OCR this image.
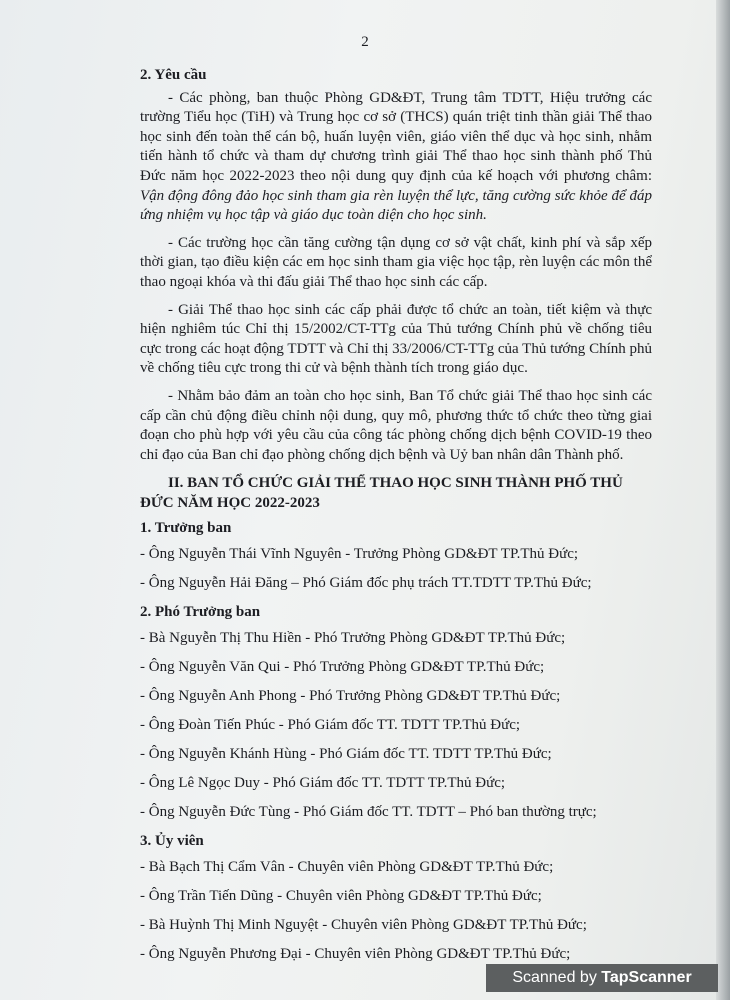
2
2. Yêu cầu

- Các phòng, ban thuộc Phòng GD&ĐT, Trung tâm TDTT, Hiệu trưởng các trường Tiểu học (TiH) và Trung học cơ sở (THCS) quán triệt tinh thần giải Thể thao học sinh đến toàn thể cán bộ, huấn luyện viên, giáo viên thể dục và học sinh, nhằm tiến hành tổ chức và tham dự chương trình giải Thể thao học sinh thành phố Thủ Đức năm học 2022-2023 theo nội dung quy định của kế hoạch với phương châm: Vận động đông đảo học sinh tham gia rèn luyện thể lực, tăng cường sức khỏe để đáp ứng nhiệm vụ học tập và giáo dục toàn diện cho học sinh.

- Các trường học cần tăng cường tận dụng cơ sở vật chất, kinh phí và sắp xếp thời gian, tạo điều kiện các em học sinh tham gia việc học tập, rèn luyện các môn thể thao ngoại khóa và thi đấu giải Thể thao học sinh các cấp.

- Giải Thể thao học sinh các cấp phải được tổ chức an toàn, tiết kiệm và thực hiện nghiêm túc Chỉ thị 15/2002/CT-TTg của Thủ tướng Chính phủ về chống tiêu cực trong các hoạt động TDTT và Chỉ thị 33/2006/CT-TTg của Thủ tướng Chính phủ về chống tiêu cực trong thi cử và bệnh thành tích trong giáo dục.

- Nhằm bảo đảm an toàn cho học sinh, Ban Tổ chức giải Thể thao học sinh các cấp cần chủ động điều chỉnh nội dung, quy mô, phương thức tổ chức theo từng giai đoạn cho phù hợp với yêu cầu của công tác phòng chống dịch bệnh COVID-19 theo chỉ đạo của Ban chỉ đạo phòng chống dịch bệnh và Uỷ ban nhân dân Thành phố.

II. BAN TỔ CHỨC GIẢI THỂ THAO HỌC SINH THÀNH PHỐ THỦ ĐỨC NĂM HỌC 2022-2023
1. Trưởng ban
- Ông Nguyễn Thái Vĩnh Nguyên - Trưởng Phòng GD&ĐT TP.Thủ Đức;
- Ông Nguyễn Hải Đăng – Phó Giám đốc phụ trách TT.TDTT TP.Thủ Đức;
2. Phó Trưởng ban
- Bà Nguyễn Thị Thu Hiền - Phó Trưởng Phòng GD&ĐT TP.Thủ Đức;
- Ông Nguyễn Văn Qui - Phó Trưởng Phòng GD&ĐT TP.Thủ Đức;
- Ông Nguyễn Anh Phong - Phó Trưởng Phòng GD&ĐT TP.Thủ Đức;
- Ông Đoàn Tiến Phúc - Phó Giám đốc TT. TDTT TP.Thủ Đức;
- Ông Nguyễn Khánh Hùng - Phó Giám đốc TT. TDTT TP.Thủ Đức;
- Ông Lê Ngọc Duy - Phó Giám đốc TT. TDTT TP.Thủ Đức;
- Ông Nguyễn Đức Tùng - Phó Giám đốc TT. TDTT – Phó ban thường trực;
3. Ủy viên
- Bà Bạch Thị Cẩm Vân - Chuyên viên Phòng GD&ĐT TP.Thủ Đức;
- Ông Trần Tiến Dũng - Chuyên viên Phòng GD&ĐT TP.Thủ Đức;
- Bà Huỳnh Thị Minh Nguyệt - Chuyên viên Phòng GD&ĐT TP.Thủ Đức;
- Ông Nguyễn Phương Đại - Chuyên viên Phòng GD&ĐT TP.Thủ Đức;
Scanned by TapScanner
